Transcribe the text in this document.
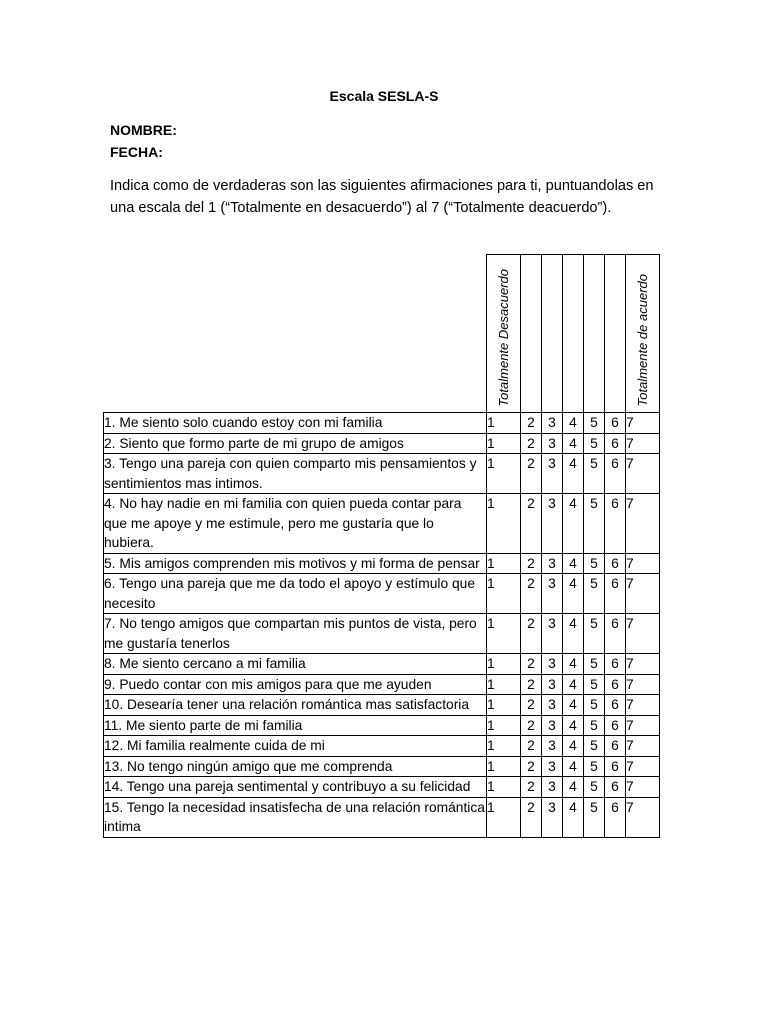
Escala SESLA-S
NOMBRE:
FECHA:
Indica como de verdaderas son las siguientes afirmaciones para ti, puntuandolas en una escala del 1 (“Totalmente en desacuerdo”) al 7 (“Totalmente deacuerdo”).
	Totalmente Desacuerdo						Totalmente de acuerdo
1. Me siento solo cuando estoy con mi familia	1	2	3	4	5	6	7
2. Siento que formo parte de mi grupo de amigos	1	2	3	4	5	6	7
3. Tengo una pareja con quien comparto mis pensamientos y sentimientos mas intimos.	1	2	3	4	5	6	7
4. No hay nadie en mi familia con quien pueda contar para que me apoye y me estimule, pero me gustaría que lo hubiera.	1	2	3	4	5	6	7
5. Mis amigos comprenden mis motivos y mi forma de pensar	1	2	3	4	5	6	7
6. Tengo una pareja que me da todo el apoyo y estímulo que necesito	1	2	3	4	5	6	7
7. No tengo amigos que compartan mis puntos de vista, pero me gustaría tenerlos	1	2	3	4	5	6	7
8. Me siento cercano a mi familia	1	2	3	4	5	6	7
9. Puedo contar con mis amigos para que me ayuden	1	2	3	4	5	6	7
10. Desearía tener una relación romántica mas satisfactoria	1	2	3	4	5	6	7
11. Me siento parte de mi familia	1	2	3	4	5	6	7
12. Mi familia realmente cuida de mi	1	2	3	4	5	6	7
13. No tengo ningún amigo que me comprenda	1	2	3	4	5	6	7
14. Tengo una pareja sentimental y contribuyo a su felicidad	1	2	3	4	5	6	7
15. Tengo la necesidad insatisfecha de una relación romántica intima	1	2	3	4	5	6	7
